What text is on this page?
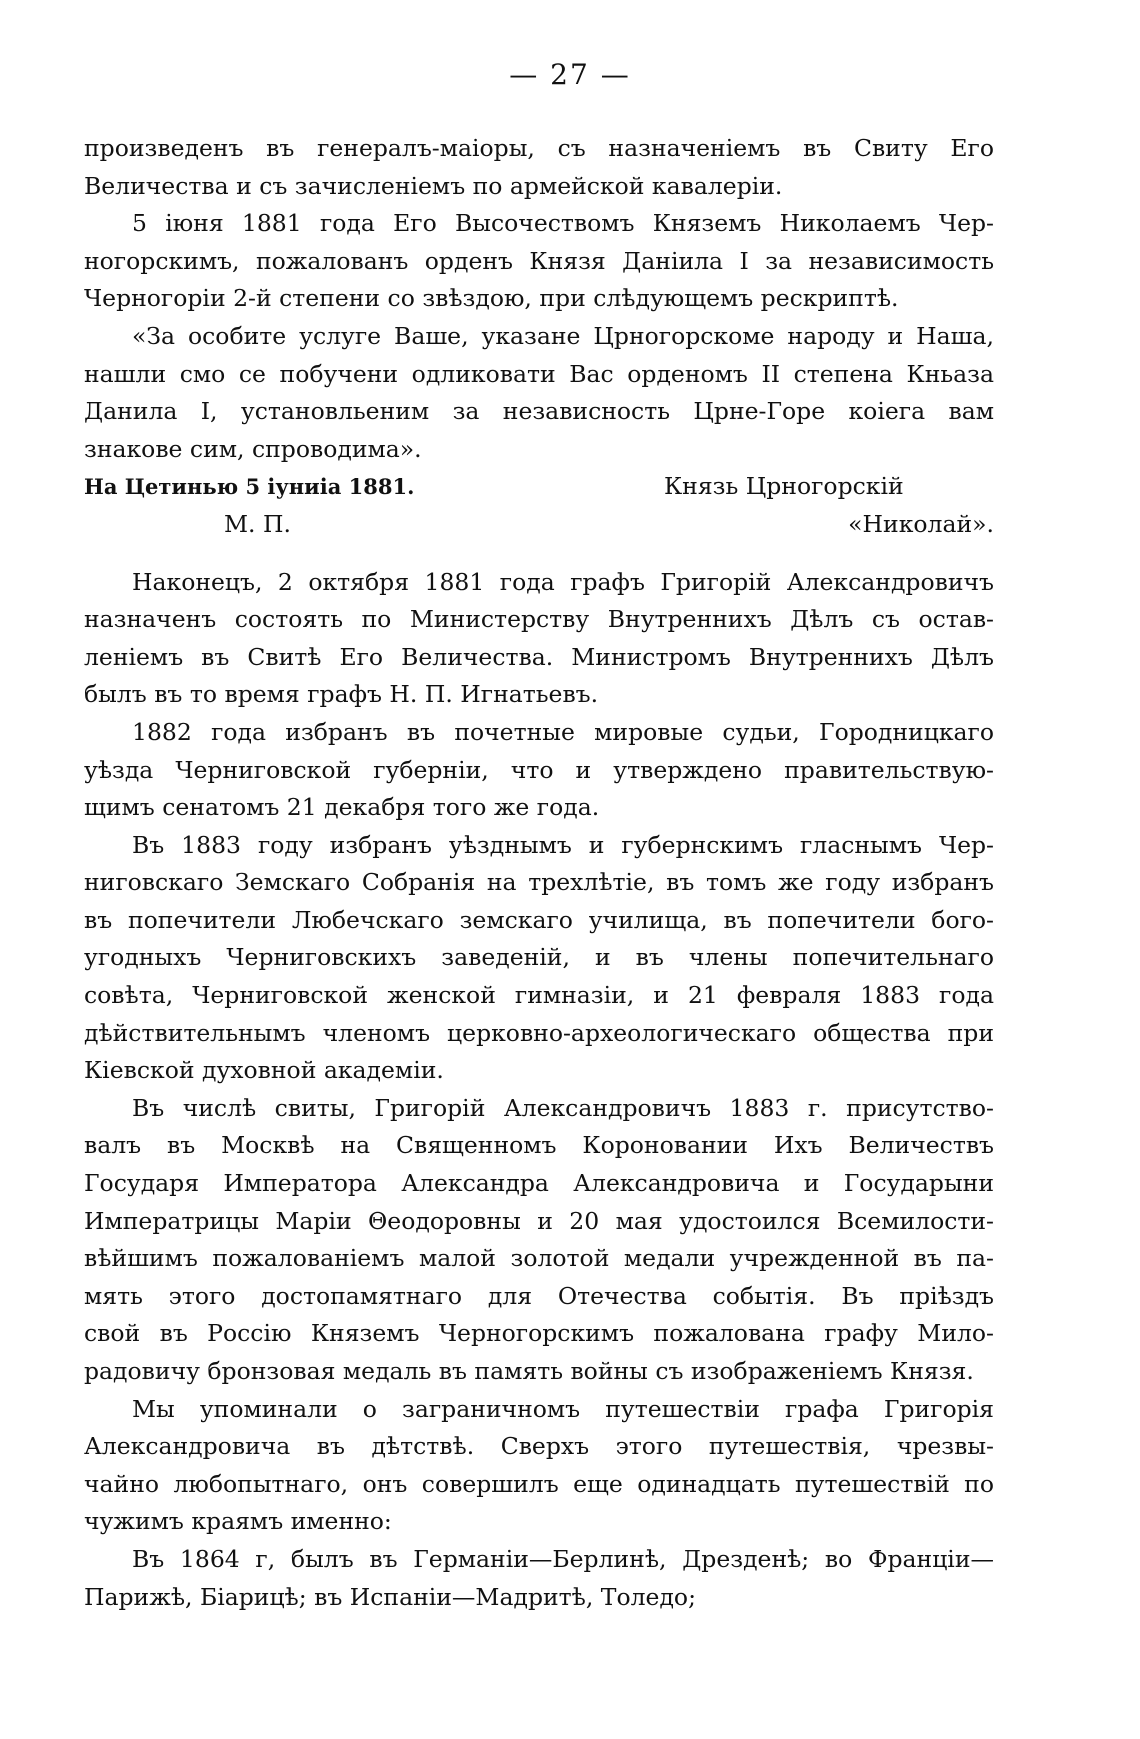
— 27 —

произведенъ въ генералъ-маіоры, съ назначеніемъ въ Свиту Его

Величества и съ зачисленіемъ по армейской кавалеріи.

5 іюня 1881 года Его Высочествомъ Княземъ Николаемъ Чер-

ногорскимъ, пожалованъ орденъ Князя Даніила I за независимость

Черногоріи 2-й степени со звѣздою, при слѣдующемъ рескриптѣ.

«За особите услуге Ваше, указане Црногорскоме народу и Наша,

нашли смо се побучени одликовати Вас орденомъ II степена Кньаза

Данила I, установльеним за независность Црне-Горе коiега вам

знакове сим, спроводима».

На Цетинью 5 iуниiа 1881.	Князь Црногорскiй
М. П.	«Николай».

Наконецъ, 2 октября 1881 года графъ Григорій Александровичъ

назначенъ состоять по Министерству Внутреннихъ Дѣлъ съ остав-

леніемъ въ Свитѣ Его Величества. Министромъ Внутреннихъ Дѣлъ

былъ въ то время графъ Н. П. Игнатьевъ.

1882 года избранъ въ почетные мировые судьи, Городницкаго

уѣзда Черниговской губерніи, что и утверждено правительствую-

щимъ сенатомъ 21 декабря того же года.

Въ 1883 году избранъ уѣзднымъ и губернскимъ гласнымъ Чер-

ниговскаго Земскаго Собранія на трехлѣтіе, въ томъ же году избранъ

въ попечители Любечскаго земскаго училища, въ попечители бого-

угодныхъ Черниговскихъ заведеній, и въ члены попечительнаго

совѣта, Черниговской женской гимназіи, и 21 февраля 1883 года

дѣйствительнымъ членомъ церковно-археологическаго общества при

Кіевской духовной академіи.

Въ числѣ свиты, Григорій Александровичъ 1883 г. присутство-

валъ въ Москвѣ на Священномъ Короновании Ихъ Величествъ

Государя Императора Александра Александровича и Государыни

Императрицы Маріи Θеодоровны и 20 мая удостоился Всемилости-

вѣйшимъ пожалованіемъ малой золотой медали учрежденной въ па-

мять этого достопамятнаго для Отечества событія. Въ пріѣздъ

свой въ Россію Княземъ Черногорскимъ пожалована графу Мило-

радовичу бронзовая медаль въ память войны съ изображеніемъ Князя.

Мы упоминали о заграничномъ путешествіи графа Григорія

Александровича въ дѣтствѣ. Сверхъ этого путешествія, чрезвы-

чайно любопытнаго, онъ совершилъ еще одинадцать путешествій по

чужимъ краямъ именно:

Въ 1864 г, былъ въ Германіи—Берлинѣ, Дрезденѣ; во Франціи—

Парижѣ, Біарицѣ; въ Испаніи—Мадритѣ, Толедо;
